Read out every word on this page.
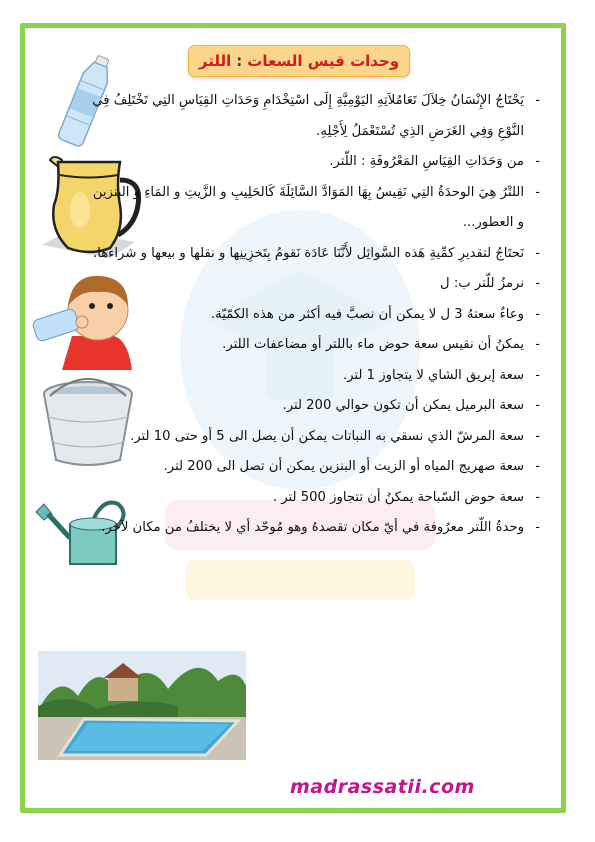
وحدات قيس السعات
:
اللتر
- يَحْتَاجُ الإِنْسَانُ خِلاَلَ تَعَامُلاَتِهِ اليَوْمِيَّةِ إِلَى اسْتِخْدَامِ وَحَدَاتِ القِيَاسِ التِي تَخْتَلِفُ فِي النَّوْعِ وَفِي الغَرَضِ الذِي تُسْتَعْمَلُ لِأَجْلِهِ.
- من وَحَدَاتِ القِيَاسِ المَعْرُوفَةِ : اللّتر.
- اللتْرُ هِيَ الوحدَةُ التِي نَقِيسُ بِهَا المَوَادَّ السَّائِلَةَ كَالحَلِيبِ و الزَّيتِ و المَاءِ و البنزين و العطور...
- نَحتَاجُ لتقديرِ كمِّيةِ هَذه السَّوائِل لأَنَّنَا عَادَة نَقومُ بِتَخزِينِها و نقلها و بيعها و شراءها.
- نرمزُ للّتر ب: ل
- وعاءٌ سعتهُ 3 ل لا يمكن أن نصبَّ فيه أكثر من هذه الكمّيّة.
- يمكنُ أن نقيس سعة حوض ماء باللتر أو مضاعفات اللتر.
- سعة إبريق الشاي لا يتجاوز 1 لتر.
- سعة البرميل يمكن أن تكون حوالي 200 لتر.
- سعة المرشّ الذي نسقي به النباتات يمكن أن يصل الى 5 أو حتى 10 لتر.
- سعة صهريج المياه أو الزيت أو البنزين يمكن أن تصل الى 200 لتر.
- سعة حوض السّباحة يمكنُ أن تتجاوز 500 لتر .
- وحدةُ اللّتر معرُوفة في أيّ مكان تقصدهُ وهو مُوحّد أي لا يختلفُ من مكان لآخر.
madrassatii.com
